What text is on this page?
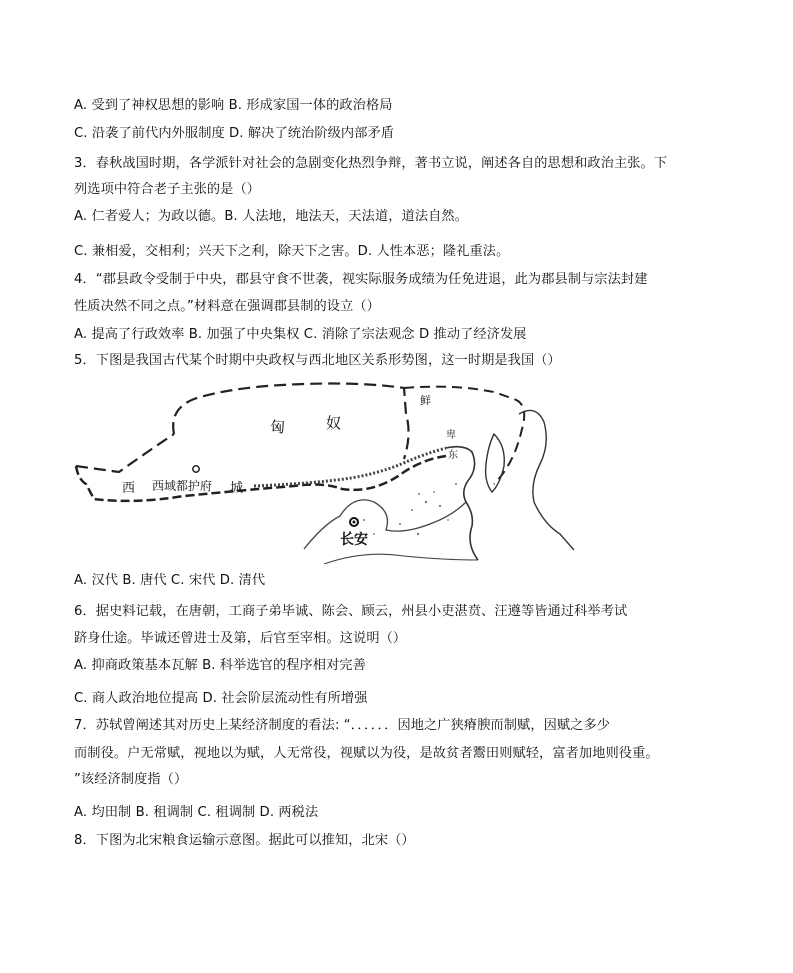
A. 受到了神权思想的影响 B. 形成家国一体的政治格局
C. 沿袭了前代内外服制度 D. 解决了统治阶级内部矛盾
3．春秋战国时期，各学派针对社会的急剧变化热烈争辩，著书立说，阐述各自的思想和政治主张。下
列选项中符合老子主张的是（）
A. 仁者爱人；为政以德。B. 人法地，地法天，天法道，道法自然。
C. 兼相爱，交相利；兴天下之利，除天下之害。D. 人性本恶；隆礼重法。
4．“郡县政令受制于中央，郡县守食不世袭，视实际服务成绩为任免进退，此为郡县制与宗法封建
性质决然不同之点。”材料意在强调郡县制的设立（）
A. 提高了行政效率 B. 加强了中央集权 C. 消除了宗法观念 D 推动了经济发展
5．下图是我国古代某个时期中央政权与西北地区关系形势图，这一时期是我国（）
匈	奴
西 西域都护府 城
鲜
卑
东
长安
A. 汉代 B. 唐代 C. 宋代 D. 清代
6．据史料记载，在唐朝，工商子弟毕诚、陈会、顾云，州县小吏湛贲、汪遵等皆通过科举考试
跻身仕途。毕诚还曾进士及第，后官至宰相。这说明（）
A. 抑商政策基本瓦解 B. 科举选官的程序相对完善
C. 商人政治地位提高 D. 社会阶层流动性有所增强
7．苏轼曾阐述其对历史上某经济制度的看法: “．．．．．．因地之广狭瘠腴而制赋，因赋之多少
而制役。户无常赋，视地以为赋，人无常役，视赋以为役，是故贫者鬻田则赋轻，富者加地则役重。
”该经济制度指（）
A. 均田制 B. 租调制 C. 租调制 D. 两税法
8．下图为北宋粮食运输示意图。据此可以推知，北宋（）
